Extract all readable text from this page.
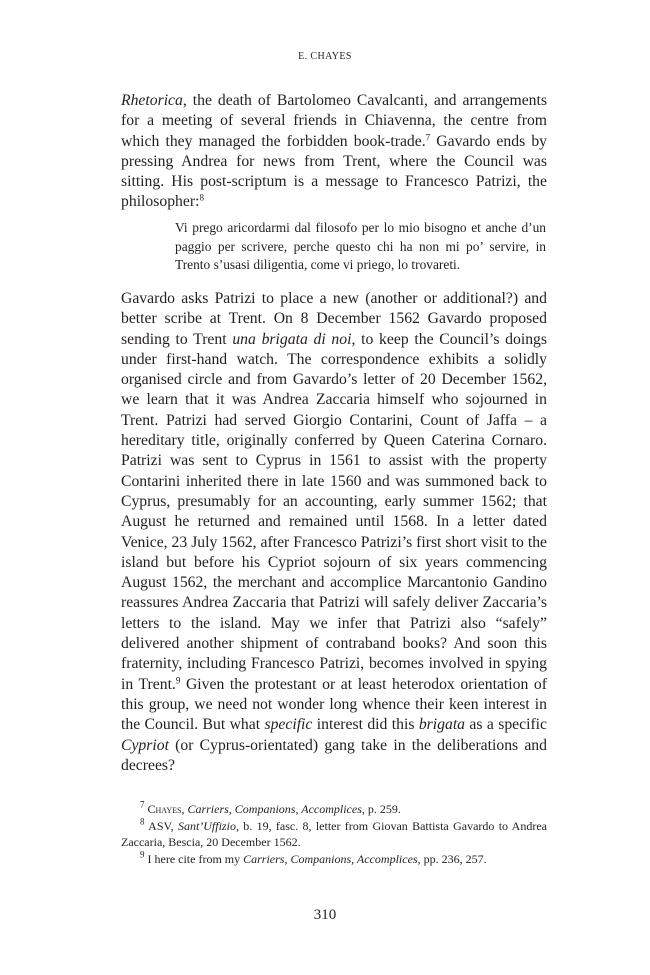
E. CHAYES

Rhetorica, the death of Bartolomeo Cavalcanti, and arrangements for a meeting of several friends in Chiavenna, the centre from which they managed the forbidden book-trade.$^7$ Gavardo ends by pressing Andrea for news from Trent, where the Council was sitting. His post-scriptum is a message to Francesco Patrizi, the philosopher:$^8$

Vi prego aricordarmi dal filosofo per lo mio bisogno et anche d’un paggio per scrivere, perche questo chi ha non mi po’ servire, in Trento s’usasi diligentia, come vi priego, lo trovareti.

Gavardo asks Patrizi to place a new (another or additional?) and better scribe at Trent. On 8 December 1562 Gavardo proposed sending to Trent una brigata di noi, to keep the Council’s doings under first-hand watch. The correspondence exhibits a solidly organised circle and from Gavardo’s letter of 20 December 1562, we learn that it was Andrea Zaccaria himself who sojourned in Trent. Patrizi had served Giorgio Contarini, Count of Jaffa – a hereditary title, originally conferred by Queen Caterina Cornaro. Patrizi was sent to Cyprus in 1561 to assist with the property Contarini inherited there in late 1560 and was summoned back to Cyprus, presumably for an accounting, early summer 1562; that August he returned and remained until 1568. In a letter dated Venice, 23 July 1562, after Francesco Patrizi’s first short visit to the island but before his Cypriot sojourn of six years commencing August 1562, the merchant and accomplice Marcantonio Gandino reassures Andrea Zaccaria that Patrizi will safely deliver Zaccaria’s letters to the island. May we infer that Patrizi also “safely” delivered another shipment of contraband books? And soon this fraternity, including Francesco Patrizi, becomes involved in spying in Trent.$^9$ Given the protestant or at least heterodox orientation of this group, we need not wonder long whence their keen interest in the Council. But what specific interest did this brigata as a specific Cypriot (or Cyprus-orientated) gang take in the deliberations and decrees?

$^7$ Chayes, Carriers, Companions, Accomplices, p. 259.

$^8$ ASV, Sant’Uffizio, b. 19, fasc. 8, letter from Giovan Battista Gavardo to Andrea Zaccaria, Bescia, 20 December 1562.

$^9$ I here cite from my Carriers, Companions, Accomplices, pp. 236, 257.

310
